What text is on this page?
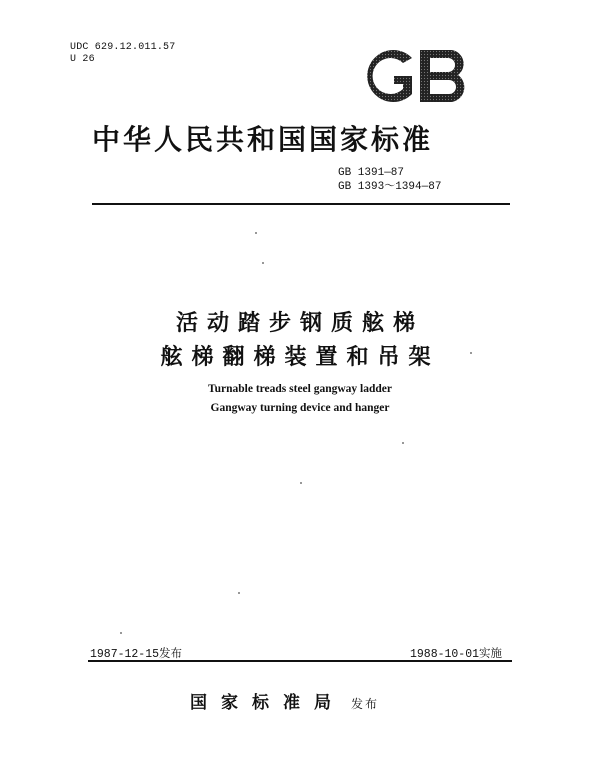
UDC 629.12.011.57
U 26
中华人民共和国国家标准
GB 1391—87
GB 1393～1394—87
活动踏步钢质舷梯
舷梯翻梯装置和吊架
Turnable treads steel gangway ladder
Gangway turning device and hanger
1987-12-15发布	1988-10-01实施
国家标准局 发布
